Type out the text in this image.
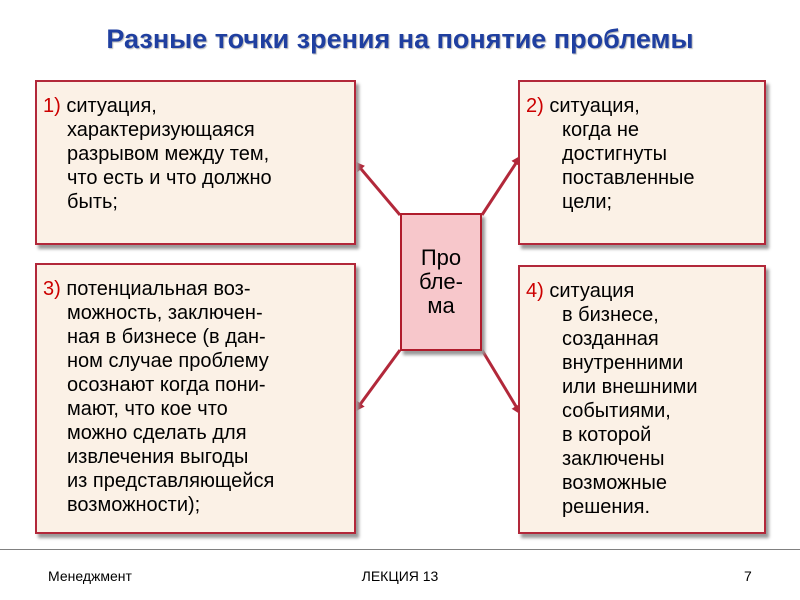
Разные точки зрения на понятие проблемы
1) ситуация,
характеризующаяся
разрывом между тем,
что есть и что должно
быть;
2) ситуация,
когда не
достигнуты
поставленные
цели;
3) потенциальная воз-
можность, заключен-
ная в бизнесе (в дан-
ном случае проблему
осознают когда пони-
мают, что кое что
можно сделать для
извлечения выгоды
из представляющейся
возможности);
4) ситуация
в бизнесе,
созданная
внутренними
или внешними
событиями,
в которой
заключены
возможные
решения.
Про
бле-
ма
Менеджмент	ЛЕКЦИЯ 13	7
